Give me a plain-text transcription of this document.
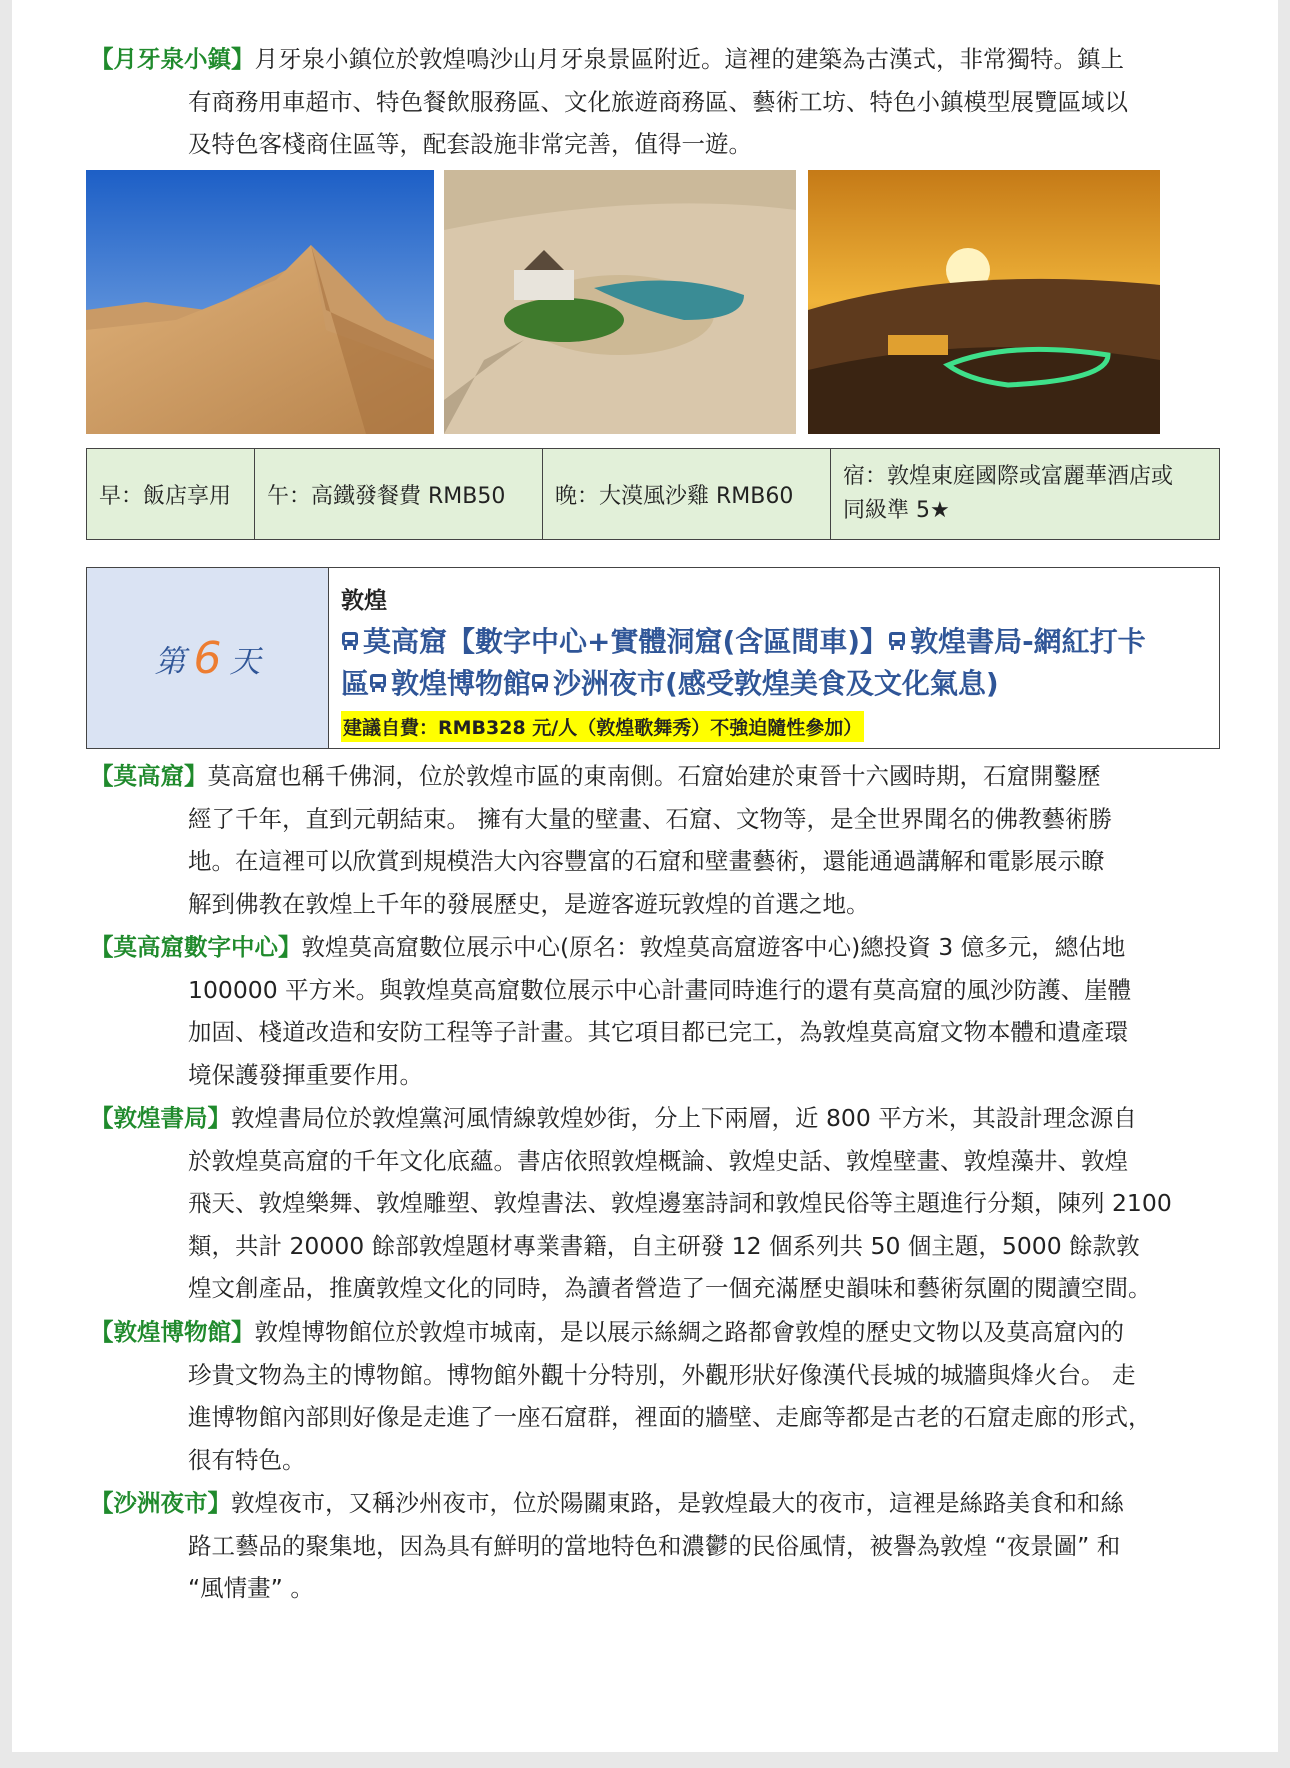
【月牙泉小鎮】月牙泉小鎮位於敦煌鳴沙山月牙泉景區附近。這裡的建築為古漢式，非常獨特。鎮上
有商務用車超市、特色餐飲服務區、文化旅遊商務區、藝術工坊、特色小鎮模型展覽區域以
及特色客棧商住區等，配套設施非常完善，值得一遊。
早：飯店享用	午：高鐵發餐費 RMB50	晚：大漠風沙雞 RMB60
宿：敦煌東庭國際或富麗華酒店或
同級準 5★
第 6 天
敦煌
莫高窟【數字中心+實體洞窟(含區間車)】 敦煌書局-網紅打卡
區 敦煌博物館 沙洲夜市(感受敦煌美食及文化氣息)
建議自費：RMB328 元/人（敦煌歌舞秀）不強迫隨性參加）
【莫高窟】莫高窟也稱千佛洞，位於敦煌市區的東南側。石窟始建於東晉十六國時期，石窟開鑿歷
經了千年，直到元朝結束。 擁有大量的壁畫、石窟、文物等，是全世界聞名的佛教藝術勝
地。在這裡可以欣賞到規模浩大內容豐富的石窟和壁畫藝術，還能通過講解和電影展示瞭
解到佛教在敦煌上千年的發展歷史，是遊客遊玩敦煌的首選之地。
【莫高窟數字中心】敦煌莫高窟數位展示中心(原名：敦煌莫高窟遊客中心)總投資 3 億多元，總佔地
100000 平方米。與敦煌莫高窟數位展示中心計畫同時進行的還有莫高窟的風沙防護、崖體
加固、棧道改造和安防工程等子計畫。其它項目都已完工，為敦煌莫高窟文物本體和遺產環
境保護發揮重要作用。
【敦煌書局】敦煌書局位於敦煌黨河風情線敦煌妙街，分上下兩層，近 800 平方米，其設計理念源自
於敦煌莫高窟的千年文化底蘊。書店依照敦煌概論、敦煌史話、敦煌壁畫、敦煌藻井、敦煌
飛天、敦煌樂舞、敦煌雕塑、敦煌書法、敦煌邊塞詩詞和敦煌民俗等主題進行分類，陳列 2100
類，共計 20000 餘部敦煌題材專業書籍，自主研發 12 個系列共 50 個主題，5000 餘款敦
煌文創產品，推廣敦煌文化的同時，為讀者營造了一個充滿歷史韻味和藝術氛圍的閱讀空間。
【敦煌博物館】敦煌博物館位於敦煌市城南，是以展示絲綢之路都會敦煌的歷史文物以及莫高窟內的
珍貴文物為主的博物館。博物館外觀十分特別，外觀形狀好像漢代長城的城牆與烽火台。 走
進博物館內部則好像是走進了一座石窟群，裡面的牆壁、走廊等都是古老的石窟走廊的形式，
很有特色。
【沙洲夜市】敦煌夜市，又稱沙州夜市，位於陽關東路，是敦煌最大的夜市，這裡是絲路美食和和絲
路工藝品的聚集地，因為具有鮮明的當地特色和濃鬱的民俗風情，被譽為敦煌 “夜景圖” 和
“風情畫” 。
